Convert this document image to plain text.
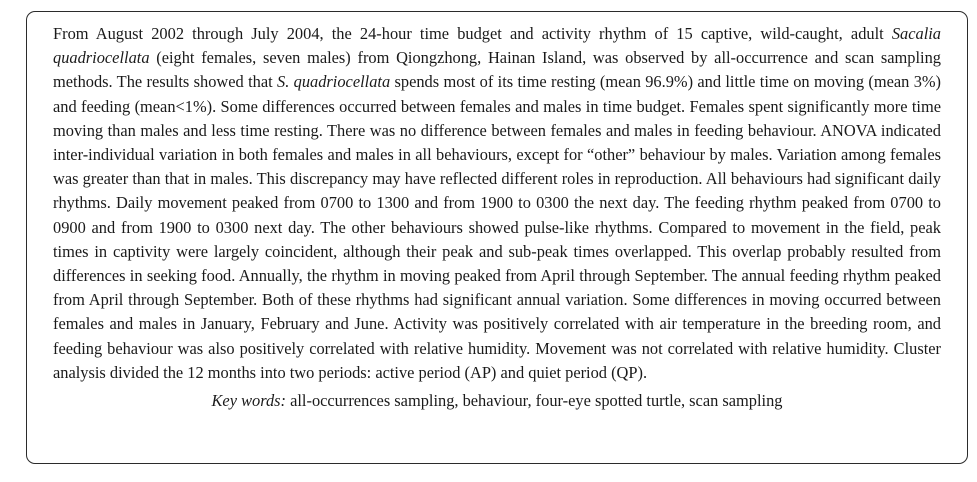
From August 2002 through July 2004, the 24-hour time budget and activity rhythm of 15 captive, wild-caught, adult Sacalia quadriocellata (eight females, seven males) from Qiongzhong, Hainan Island, was observed by all-occurrence and scan sampling methods. The results showed that S. quadriocellata spends most of its time resting (mean 96.9%) and little time on moving (mean 3%) and feeding (mean<1%). Some differences occurred between females and males in time budget. Females spent significantly more time moving than males and less time resting. There was no difference between females and males in feeding behaviour. ANOVA indicated inter-individual variation in both females and males in all behaviours, except for “other” behaviour by males. Variation among females was greater than that in males. This discrepancy may have reflected different roles in reproduction. All behaviours had significant daily rhythms. Daily movement peaked from 0700 to 1300 and from 1900 to 0300 the next day. The feeding rhythm peaked from 0700 to 0900 and from 1900 to 0300 next day. The other behaviours showed pulse-like rhythms. Compared to movement in the field, peak times in captivity were largely coincident, although their peak and sub-peak times overlapped. This overlap probably resulted from differences in seeking food. Annually, the rhythm in moving peaked from April through September. The annual feeding rhythm peaked from April through September. Both of these rhythms had significant annual variation. Some differences in moving occurred between females and males in January, February and June. Activity was positively correlated with air temperature in the breeding room, and feeding behaviour was also positively correlated with relative humidity. Movement was not correlated with relative humidity. Cluster analysis divided the 12 months into two periods: active period (AP) and quiet period (QP).

Key words: all-occurrences sampling, behaviour, four-eye spotted turtle, scan sampling
